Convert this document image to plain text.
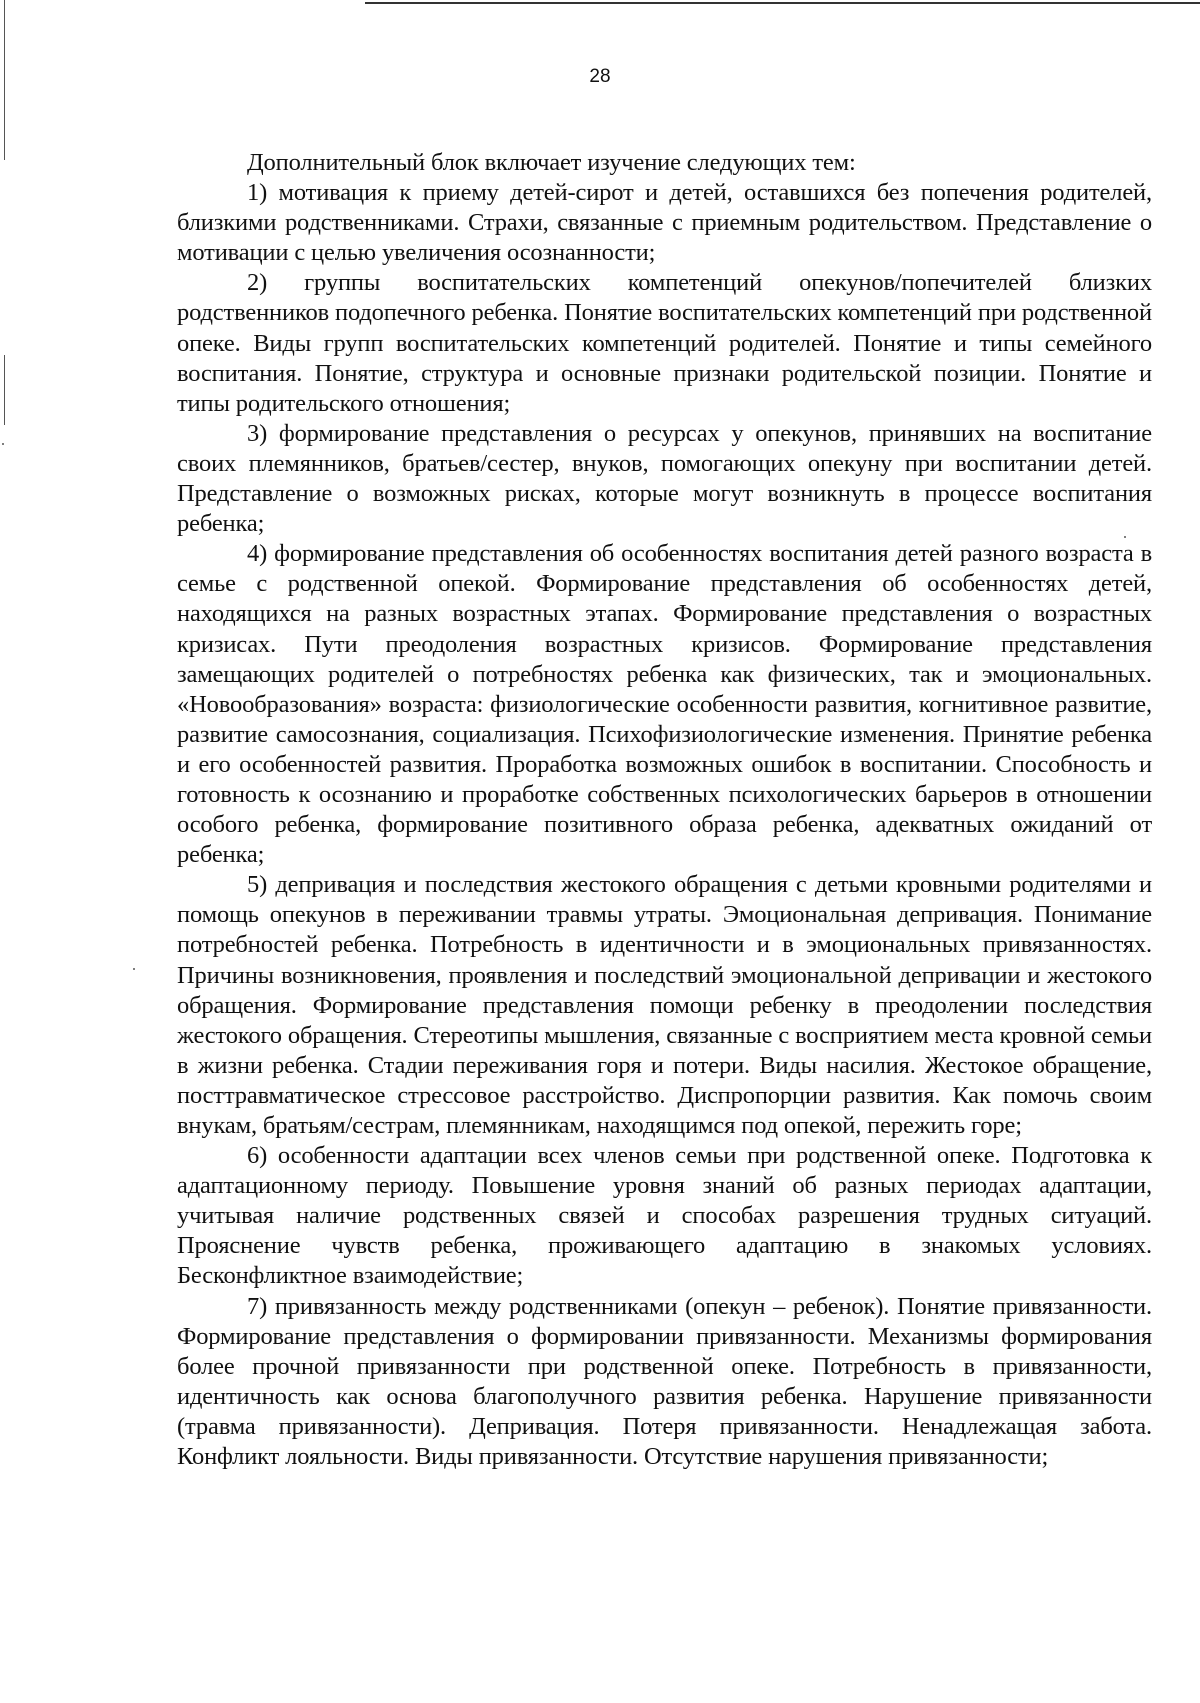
28

Дополнительный блок включает изучение следующих тем:

1) мотивация к приему детей-сирот и детей, оставшихся без попечения родителей, близкими родственниками. Страхи, связанные с приемным родительством. Представление о мотивации с целью увеличения осознанности;

2) группы воспитательских компетенций опекунов/попечителей близких родственников подопечного ребенка. Понятие воспитательских компетенций при родственной опеке. Виды групп воспитательских компетенций родителей. Понятие и типы семейного воспитания. Понятие, структура и основные признаки родительской позиции. Понятие и типы родительского отношения;

3) формирование представления о ресурсах у опекунов, принявших на воспитание своих племянников, братьев/сестер, внуков, помогающих опекуну при воспитании детей. Представление о возможных рисках, которые могут возникнуть в процессе воспитания ребенка;

4) формирование представления об особенностях воспитания детей разного возраста в семье с родственной опекой. Формирование представления об особенностях детей, находящихся на разных возрастных этапах. Формирование представления о возрастных кризисах. Пути преодоления возрастных кризисов. Формирование представления замещающих родителей о потребностях ребенка как физических, так и эмоциональных. «Новообразования» возраста: физиологические особенности развития, когнитивное развитие, развитие самосознания, социализация. Психофизиологические изменения. Принятие ребенка и его особенностей развития. Проработка возможных ошибок в воспитании. Способность и готовность к осознанию и проработке собственных психологических барьеров в отношении особого ребенка, формирование позитивного образа ребенка, адекватных ожиданий от ребенка;

5) депривация и последствия жестокого обращения с детьми кровными родителями и помощь опекунов в переживании травмы утраты. Эмоциональная депривация. Понимание потребностей ребенка. Потребность в идентичности и в эмоциональных привязанностях. Причины возникновения, проявления и последствий эмоциональной депривации и жестокого обращения. Формирование представления помощи ребенку в преодолении последствия жестокого обращения. Стереотипы мышления, связанные с восприятием места кровной семьи в жизни ребенка. Стадии переживания горя и потери. Виды насилия. Жестокое обращение, посттравматическое стрессовое расстройство. Диспропорции развития. Как помочь своим внукам, братьям/сестрам, племянникам, находящимся под опекой, пережить горе;

6) особенности адаптации всех членов семьи при родственной опеке. Подготовка к адаптационному периоду. Повышение уровня знаний об разных периодах адаптации, учитывая наличие родственных связей и способах разрешения трудных ситуаций. Прояснение чувств ребенка, проживающего адаптацию в знакомых условиях. Бесконфликтное взаимодействие;

7) привязанность между родственниками (опекун – ребенок). Понятие привязанности. Формирование представления о формировании привязанности. Механизмы формирования более прочной привязанности при родственной опеке. Потребность в привязанности, идентичность как основа благополучного развития ребенка. Нарушение привязанности (травма привязанности). Депривация. Потеря привязанности. Ненадлежащая забота. Конфликт лояльности. Виды привязанности. Отсутствие нарушения привязанности;
